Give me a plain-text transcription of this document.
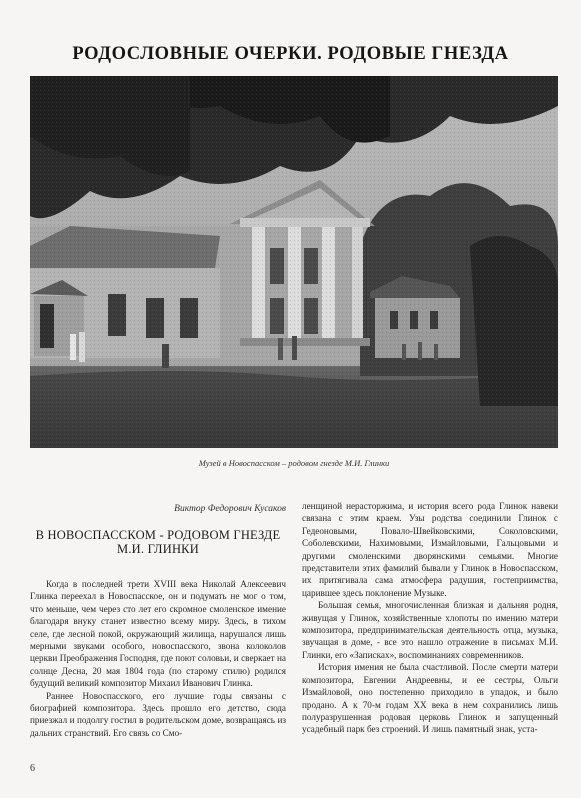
РОДОСЛОВНЫЕ ОЧЕРКИ. РОДОВЫЕ ГНЕЗДА
Музей в Новоспасском – родовом гнезде М.И. Глинки
Виктор Федорович Кусаков
В НОВОСПАССКОМ - РОДОВОМ ГНЕЗДЕ
М.И. ГЛИНКИ

Когда в последней трети XVIII века Николай Алексеевич Глинка переехал в Новоспасское, он и подумать не мог о том, что меньше, чем через сто лет его скромное смоленское имение благодаря внуку станет известно всему миру. Здесь, в тихом селе, где лесной покой, окружающий жилища, нарушался лишь мерными звуками особого, новоспасского, звона колоколов церкви Преображения Господня, где поют соловьи, и сверкает на солнце Десна, 20 мая 1804 года (по старому стилю) родился будущий великий композитор Михаил Иванович Глинка.

Раннее Новоспасского, его лучшие годы связаны с биографией композитора. Здесь прошло его детство, сюда приезжал и подолгу гостил в родительском доме, возвращаясь из дальних странствий. Его связь со Смо-

ленщиной нерасторжима, и история всего рода Глинок навеки связана с этим краем. Узы родства соединили Глинок с Гедеоновыми, Повало-Швейковскими, Соколовскими, Соболевскими, Нахимовыми, Измайловыми, Гальцовыми и другими смоленскими дворянскими семьями. Многие представители этих фамилий бывали у Глинок в Новоспасском, их притягивала сама атмосфера радушия, гостеприимства, царившее здесь поклонение Музыке.

Большая семья, многочисленная близкая и дальняя родня, живущая у Глинок, хозяйственные хлопоты по имению матери композитора, предпринимательская деятельность отца, музыка, звучащая в доме, - все это нашло отражение в письмах М.И. Глинки, его «Записках», воспоминаниях современников.

История имения не была счастливой. После смерти матери композитора, Евгении Андреевны, и ее сестры, Ольги Измайловой, оно постепенно приходило в упадок, и было продано. А к 70-м годам XX века в нем сохранились лишь полуразрушенная родовая церковь Глинок и запущенный усадебный парк без строений. И лишь памятный знак, уста-

6
